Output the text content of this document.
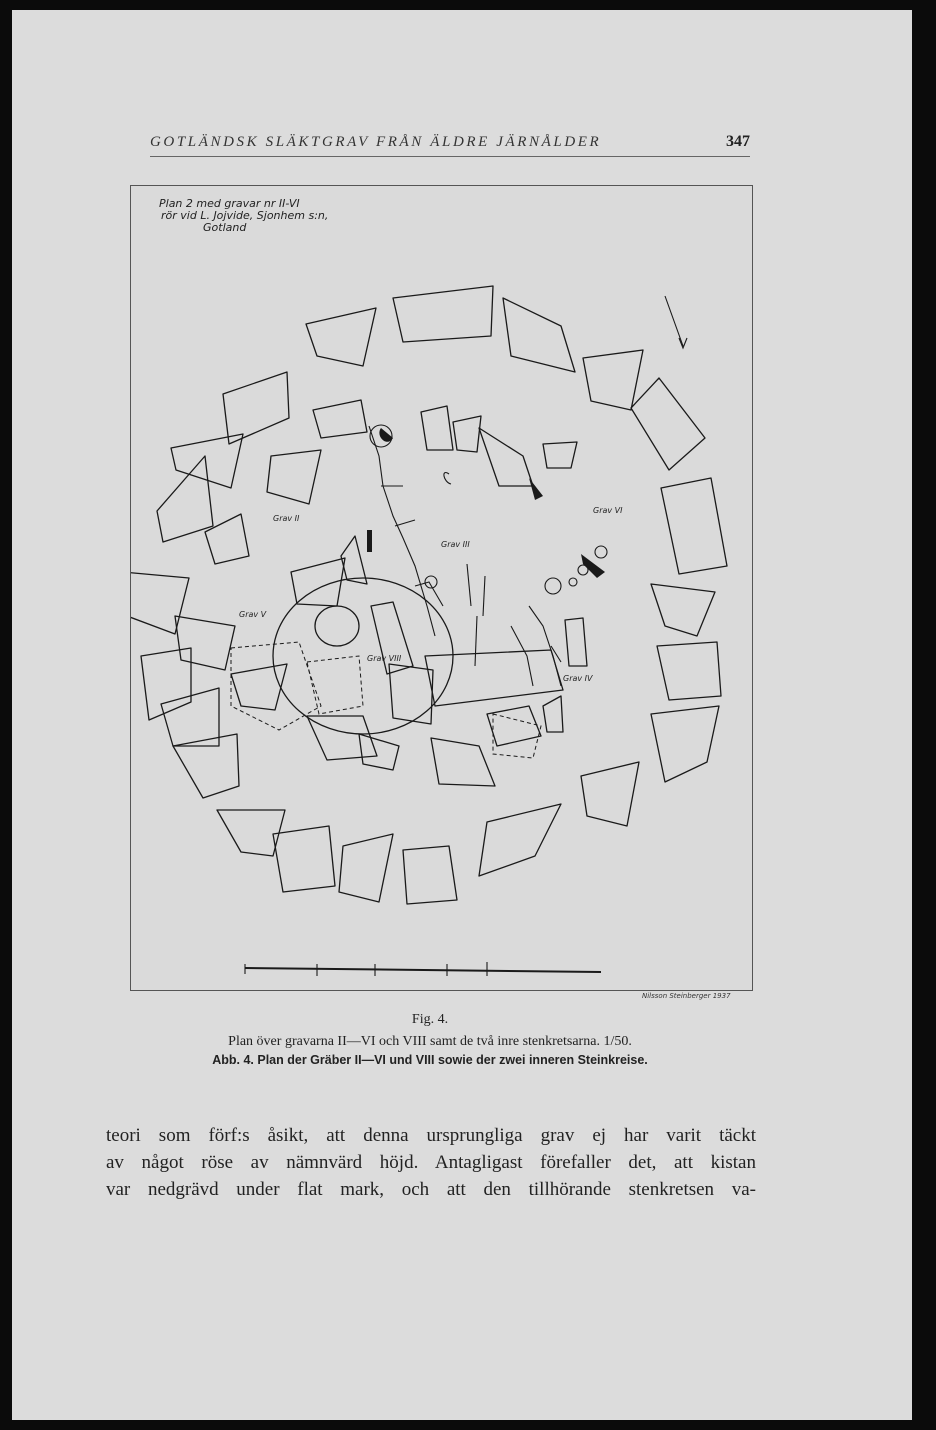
GOTLÄNDSK SLÄKTGRAV FRÅN ÄLDRE JÄRNÅLDER	347
Plan 2 med gravar nr II-VI
rör vid L. Jojvide, Sjonhem s:n,
Gotland
Grav II
Grav III
Grav IV
Grav V
Grav VI
Grav VIII
Nilsson Steinberger 1937
Fig. 4.
Plan över gravarna II—VI och VIII samt de två inre stenkretsarna. 1/50.
Abb. 4. Plan der Gräber II—VI und VIII sowie der zwei inneren Steinkreise.
teori som förf:s åsikt, att denna ursprungliga grav ej har varit täckt
av något röse av nämnvärd höjd. Antagligast förefaller det, att kistan
var nedgrävd under flat mark, och att den tillhörande stenkretsen va-
